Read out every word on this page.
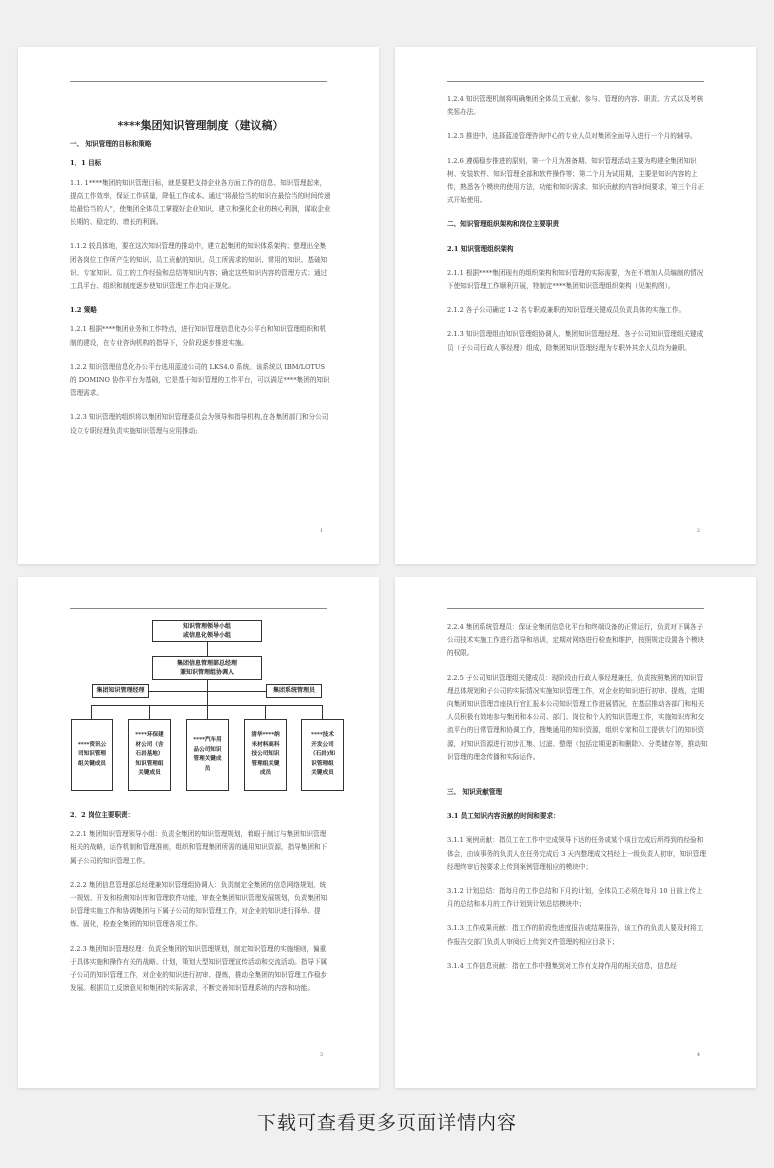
****集团知识管理制度（建议稿）

一、 知识管理的目标和策略

1．1 目标

1.1. 1****集团的知识管理目标，就是要把支持企业各方面工作的信息、知识管理起来，提高工作效率，保证工作质量，降低工作成本。通过“将最恰当的知识在最恰当的时间传递给最恰当的人”，使集团全体员工掌握好企业知识，建立和强化企业的核心利润，谋取企业长期的、稳定的、增长的利润。

1.1.2 较具体地，要在这次知识管理的推动中，建立起集团的知识体系架构；整理出全集团各岗位工作所产生的知识、员工贡献的知识、员工所需求的知识、常用的知识、基础知识、专家知识、员工的工作经验和总结等知识内容；确定这些知识内容的管理方式；通过工具平台、组织和制度逐步使知识管理工作走向正规化。

1.2 策略

1.2.1 根据****集团业务和工作特点，进行知识管理信息化办公平台和知识管理组织和机制的建设，在专业咨询机构的指导下，分阶段逐步推进实施。

1.2.2 知识管理信息化办公平台选用蓝凌公司的 LKS4.0 系统。该系统以 IBM/LOTUS 的 DOMINO 协作平台为基础，它是基于知识管理的工作平台，可以满足****集团的知识管理需求。

1.2.3 知识管理的组织将以集团知识管理委员会为领导和指导机构,在各集团部门和分公司设立专职经理负责实施知识管理与应用推动;

1

1.2.4 知识管理机制将明确集团全体员工贡献、参与、管理的内容、职责、方式以及考核奖惩办法。

1.2.5 推进中，选择蓝凌管理咨询中心的专业人员对集团全面导入进行一个月的辅导。

1.2.6 遵循稳步推进的原则，第一个月为准备期、知识管理活动主要为构建全集团知识树、安装软件、知识管理全部和软件操作等；第二个月为试用期，主要是知识内容的上传，熟悉各个模块的使用方法，功能和知识需求、知识贡献的内容时间要求，第三个月正式开始使用。

二、知识管理组织架构和岗位主要职责

2.1 知识管理组织架构

2.1.1 根据****集团现有的组织架构和知识管理的实际需要，为在不增加人员编制的情况下使知识管理工作顺利开展，特制定****集团知识管理组织架构（见架构图）。

2.1.2 各子公司确定 1-2 名专职或兼职的知识管理关键成员负责具体的实施工作。

2.1.3 知识管理组由知识管理组协调人、集团知识管理经理、各子公司知识管理组关键成员（子公司行政人事经理）组成，除集团知识管理经理为专职外其余人员均为兼职。

2
知识管理领导小组
或信息化领导小组
集团信息管理部总经理
兼知识管理组协调人
集团知识管理经理	集团系统管理员
****资讯公
司知识管理
组关键成员
****环保建
材公司（含
石岩基地）
知识管理组
关键成员
****汽车用
品公司知识
管理关键成
员
清华****纳
米材料高科
技公司知识
管理组关键
成员
****技术
开发公司
（石岩)知
识管理组
关键成员

2．2 岗位主要职责：

2.2.1 集团知识管理领导小组：负责全集团的知识管理规划，着眼于制订与集团知识管理相关的战略，运作机制和管理准则，组织和管理集团所需的通用知识资源，指导集团和下属子公司的知识管理工作。

2.2.2 集团信息管理部总经理兼知识管理组协调人：负责制定全集团的信息网络规划，统一规划、开发和检测知识库和管理软件功能，审查全集团知识管理发展规划，负责集团知识管理实施工作和协调集团与下属子公司的知识管理工作，对企业的知识进行择举、提炼、固化，检查全集团的知识管理各项工作。

2.2.3 集团知识管理经理：负责全集团的知识管理规划，制定知识管理的实施细则，偏重于具体实施和操作有关的战略、计划，策划大型知识管理宣传活动和交流活动。指导下属子公司的知识管理工作，对企业的知识进行初审、提炼，推动全集团的知识管理工作稳步发展。根据员工反馈意见和集团的实际需求，不断完善知识管理系统的内容和功能。

3

2.2.4 集团系统管理员：保证全集团信息化平台和终端设备的正常运行，负责对下属各子公司技术实施工作进行指导和培训，定期对网络进行检查和维护，按照规定设置各个模块的权限。

2.2.5 子公司知识管理组关键成员：现阶段由行政人事经理兼任，负责按照集团的知识管理总体规划和子公司的实际情况实施知识管理工作，对企业的知识进行初审、提炼，定期向集团知识管理音座执行官汇报本公司知识管理工作进展情况，在基层推动各部门和相关人员积极有效地参与集团和本公司、部门、岗位和个人的知识管理工作，实施知识库和交流平台的日常管理和协调工作，搜集通用的知识资源，组织专家和员工提供专门的知识资源，对知识资源进行初步汇集、过滤、整理（包括定期更新和删除）、分类储存等，推动知识管理的理念传播和实际运作。

三、 知识贡献管理

3.1 员工知识内容贡献的时间和要求：

3.1.1 案例贡献：指员工在工作中完成领导下达的任务或某个项目完成后所得到的经验和体会，由该事务的负责人在任务完成后 3 天内整理成文档经上一级负责人初审，知识管理经理终审后按要求上传到案例管理相应的模块中；

3.1.2 计划总结：指每月的工作总结和下月的计划，全体员工必须在每月 10 日前上传上月的总结和本月的工作计划到计划总结模块中；

3.1.3 工作成果贡献：指工作的阶段性进度报告或结果报告，该工作的负责人要及时将工作报告交部门负责人审阅后上传到文件管理的相应目录下；

3.1.4 工作信息贡献：指在工作中搜集到对工作有支持作用的相关信息，信息经

4
下载可查看更多页面详情内容
